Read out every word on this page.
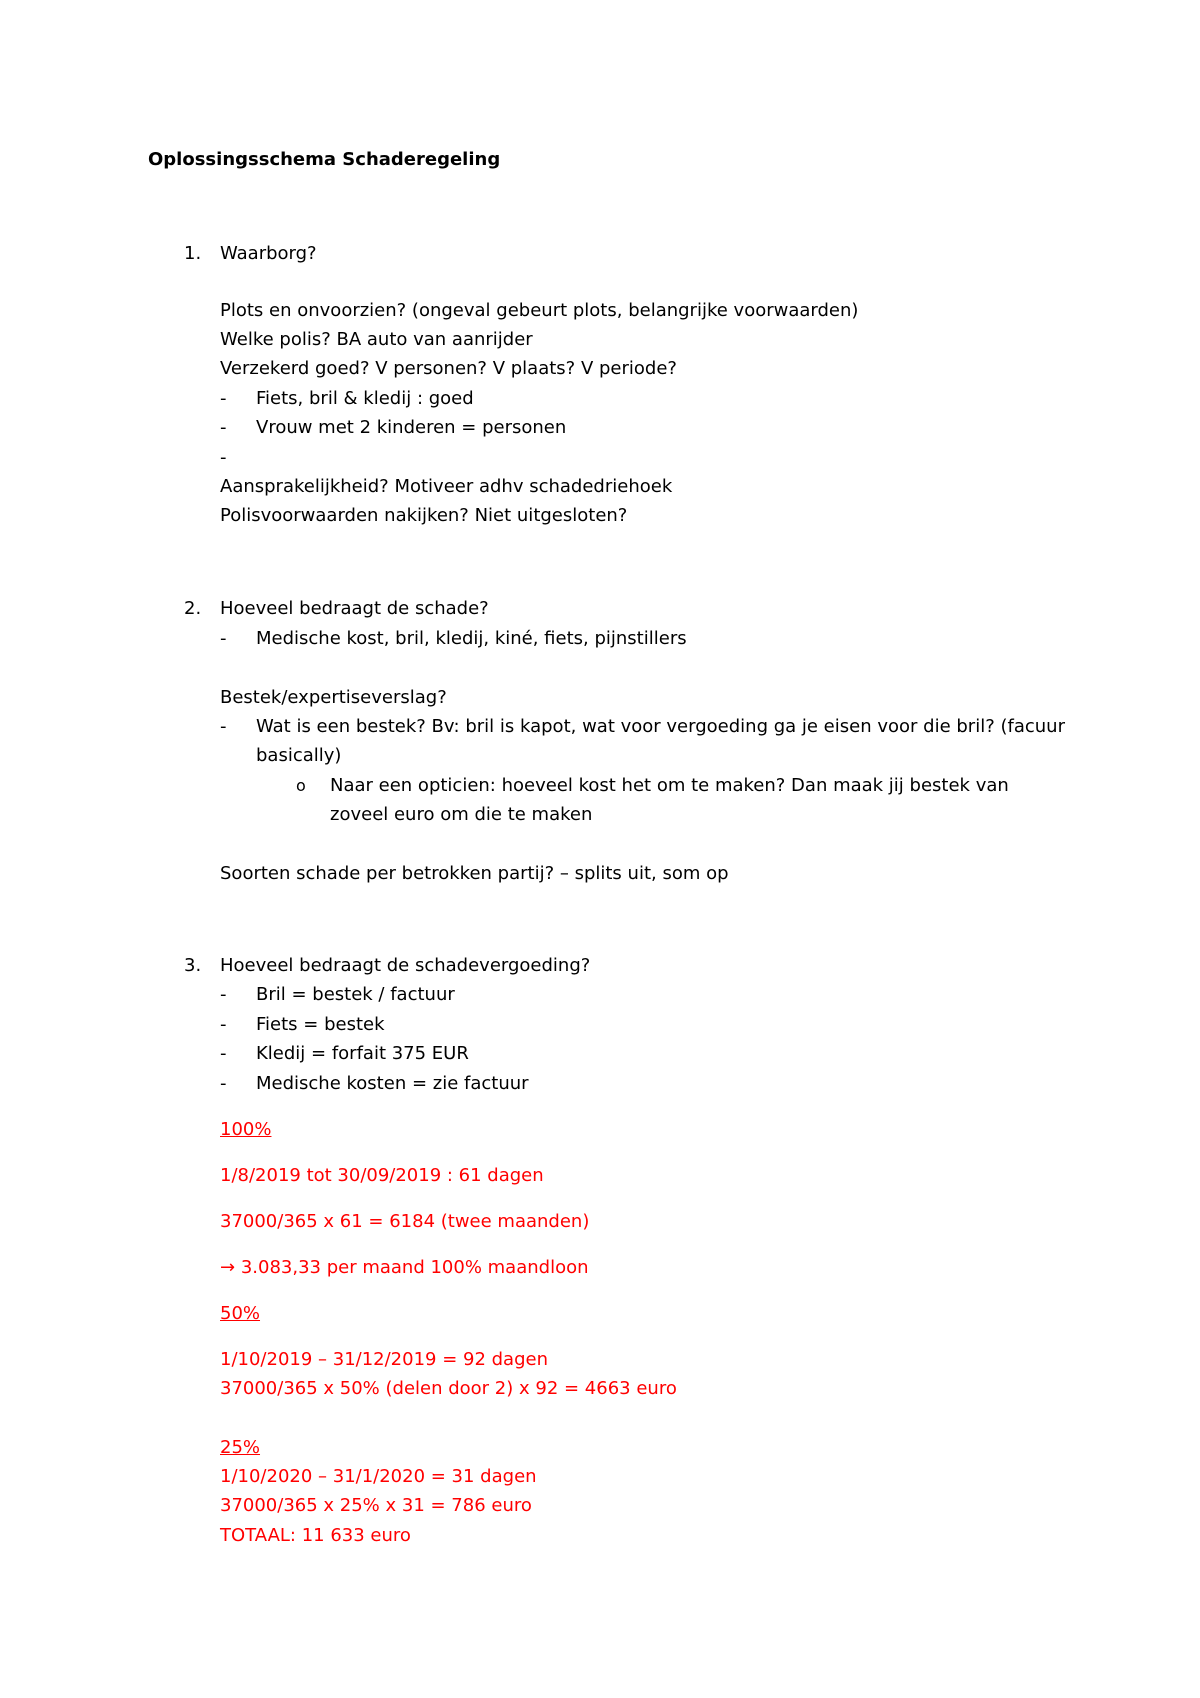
Oplossingsschema Schaderegeling
1. Waarborg?
Plots en onvoorzien? (ongeval gebeurt plots, belangrijke voorwaarden)
Welke polis? BA auto van aanrijder
Verzekerd goed? V personen? V plaats? V periode?
- Fiets, bril & kledij : goed
- Vrouw met 2 kinderen = personen
-
Aansprakelijkheid? Motiveer adhv schadedriehoek
Polisvoorwaarden nakijken? Niet uitgesloten?
2. Hoeveel bedraagt de schade?
- Medische kost, bril, kledij, kiné, fiets, pijnstillers
Bestek/expertiseverslag?
- Wat is een bestek? Bv: bril is kapot, wat voor vergoeding ga je eisen voor die bril? (facuur
basically)
o Naar een opticien: hoeveel kost het om te maken? Dan maak jij bestek van
zoveel euro om die te maken
Soorten schade per betrokken partij? – splits uit, som op
3. Hoeveel bedraagt de schadevergoeding?
- Bril = bestek / factuur
- Fiets = bestek
- Kledij = forfait 375 EUR
- Medische kosten = zie factuur
100%
1/8/2019 tot 30/09/2019 : 61 dagen
37000/365 x 61 = 6184 (twee maanden)
→ 3.083,33 per maand 100% maandloon
50%
1/10/2019 – 31/12/2019 = 92 dagen
37000/365 x 50% (delen door 2) x 92 = 4663 euro
25%
1/10/2020 – 31/1/2020 = 31 dagen
37000/365 x 25% x 31 = 786 euro
TOTAAL: 11 633 euro
